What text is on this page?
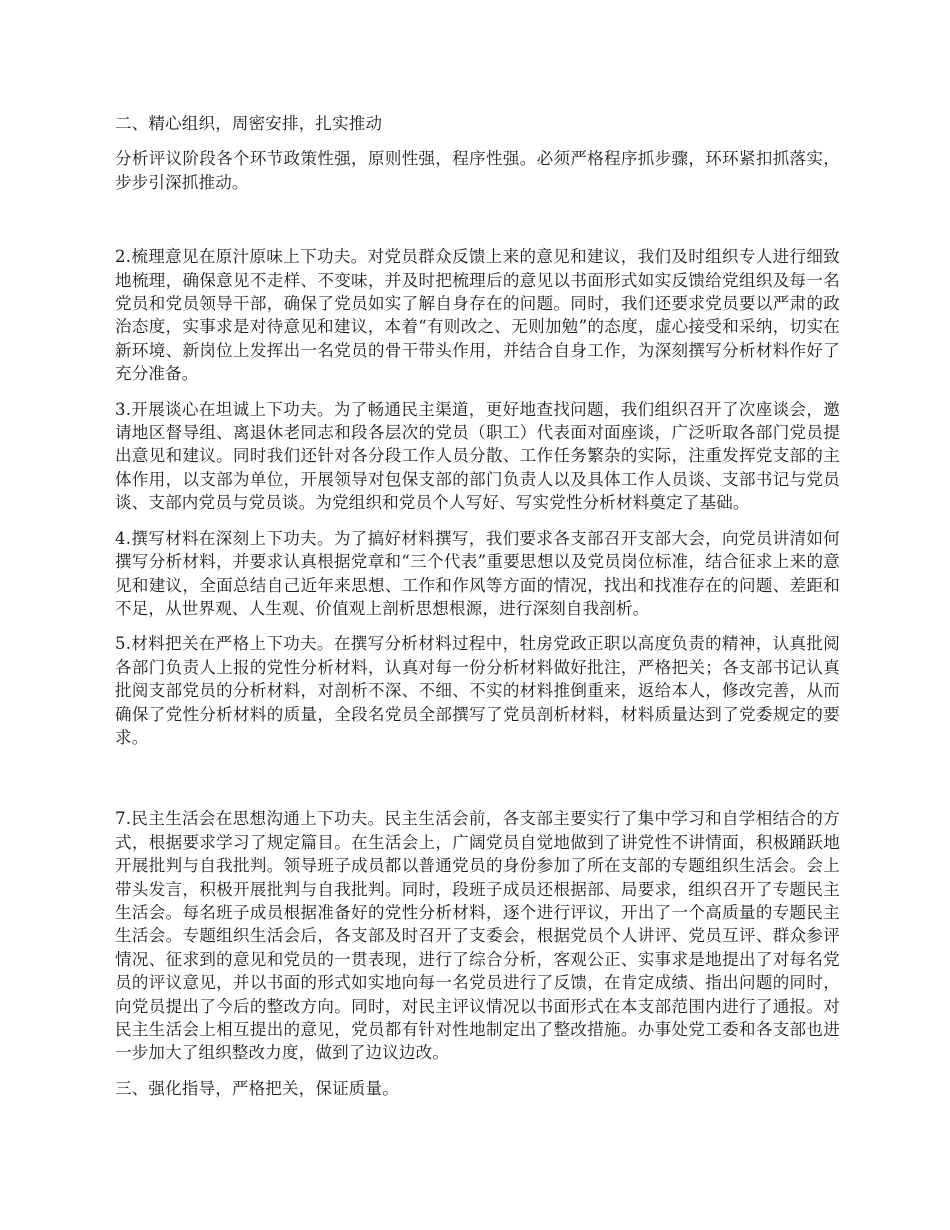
二、精心组织，周密安排，扎实推动

分析评议阶段各个环节政策性强，原则性强，程序性强。必须严格程序抓步骤，环环紧扣抓落实，步步引深抓推动。

2.梳理意见在原汁原味上下功夫。对党员群众反馈上来的意见和建议，我们及时组织专人进行细致地梳理，确保意见不走样、不变味，并及时把梳理后的意见以书面形式如实反馈给党组织及每一名党员和党员领导干部，确保了党员如实了解自身存在的问题。同时，我们还要求党员要以严肃的政治态度，实事求是对待意见和建议，本着“有则改之、无则加勉”的态度，虚心接受和采纳，切实在新环境、新岗位上发挥出一名党员的骨干带头作用，并结合自身工作，为深刻撰写分析材料作好了充分准备。

3.开展谈心在坦诚上下功夫。为了畅通民主渠道，更好地查找问题，我们组织召开了次座谈会，邀请地区督导组、离退休老同志和段各层次的党员（职工）代表面对面座谈，广泛听取各部门党员提出意见和建议。同时我们还针对各分段工作人员分散、工作任务繁杂的实际，注重发挥党支部的主体作用，以支部为单位，开展领导对包保支部的部门负责人以及具体工作人员谈、支部书记与党员谈、支部内党员与党员谈。为党组织和党员个人写好、写实党性分析材料奠定了基础。

4.撰写材料在深刻上下功夫。为了搞好材料撰写，我们要求各支部召开支部大会，向党员讲清如何撰写分析材料，并要求认真根据党章和“三个代表”重要思想以及党员岗位标准，结合征求上来的意见和建议，全面总结自己近年来思想、工作和作风等方面的情况，找出和找准存在的问题、差距和不足，从世界观、人生观、价值观上剖析思想根源，进行深刻自我剖析。

5.材料把关在严格上下功夫。在撰写分析材料过程中，牡房党政正职以高度负责的精神，认真批阅各部门负责人上报的党性分析材料，认真对每一份分析材料做好批注，严格把关；各支部书记认真批阅支部党员的分析材料，对剖析不深、不细、不实的材料推倒重来，返给本人，修改完善，从而确保了党性分析材料的质量，全段名党员全部撰写了党员剖析材料，材料质量达到了党委规定的要求。

7.民主生活会在思想沟通上下功夫。民主生活会前，各支部主要实行了集中学习和自学相结合的方式，根据要求学习了规定篇目。在生活会上，广阔党员自觉地做到了讲党性不讲情面，积极踊跃地开展批判与自我批判。领导班子成员都以普通党员的身份参加了所在支部的专题组织生活会。会上带头发言，积极开展批判与自我批判。同时，段班子成员还根据部、局要求，组织召开了专题民主生活会。每名班子成员根据准备好的党性分析材料，逐个进行评议，开出了一个高质量的专题民主生活会。专题组织生活会后，各支部及时召开了支委会，根据党员个人讲评、党员互评、群众参评情况、征求到的意见和党员的一贯表现，进行了综合分析，客观公正、实事求是地提出了对每名党员的评议意见，并以书面的形式如实地向每一名党员进行了反馈，在肯定成绩、指出问题的同时，向党员提出了今后的整改方向。同时，对民主评议情况以书面形式在本支部范围内进行了通报。对民主生活会上相互提出的意见，党员都有针对性地制定出了整改措施。办事处党工委和各支部也进一步加大了组织整改力度，做到了边议边改。

三、强化指导，严格把关，保证质量。
